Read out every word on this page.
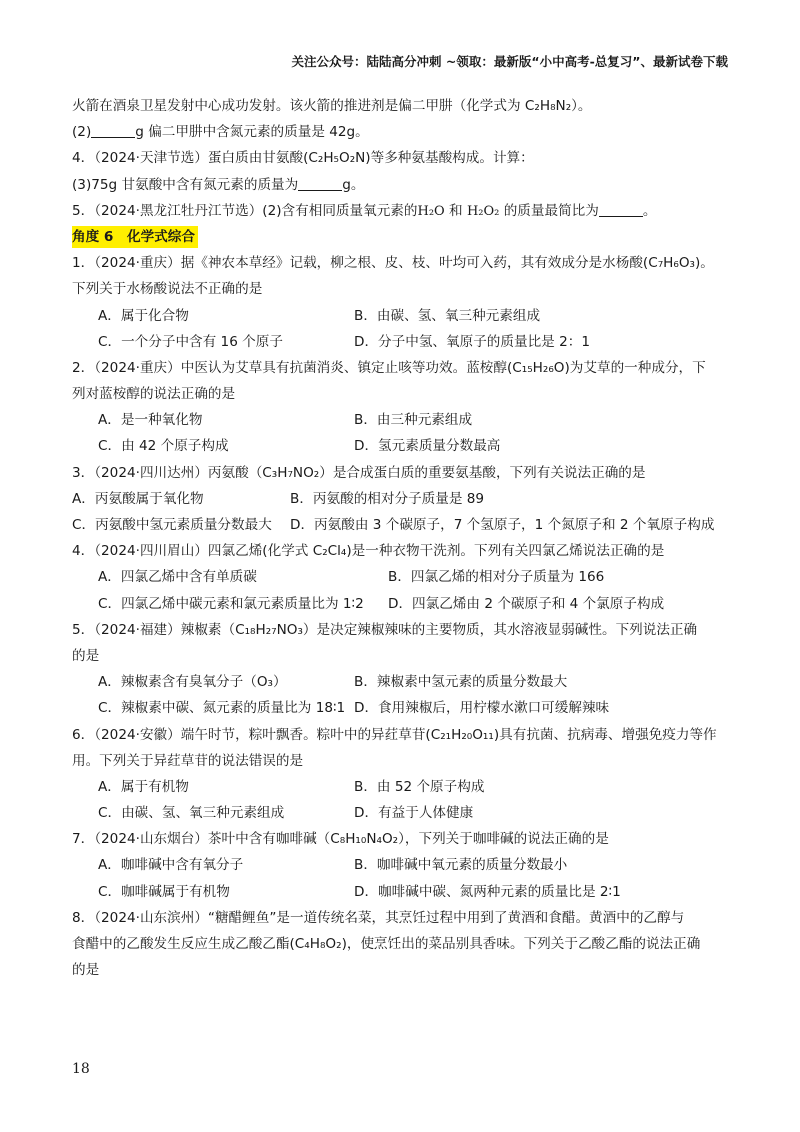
关注公众号：陆陆高分冲刺 ~领取：最新版“小中高考-总复习”、最新试卷下载
火箭在酒泉卫星发射中心成功发射。该火箭的推进剂是偏二甲肼（化学式为 C₂H₈N₂）。
(2)	g 偏二甲肼中含氮元素的质量是 42g。
4．（2024·天津节选）蛋白质由甘氨酸(C₂H₅O₂N)等多种氨基酸构成。计算：
(3)75g 甘氨酸中含有氮元素的质量为	g。
5．（2024·黑龙江牡丹江节选）(2)含有相同质量氧元素的H₂O 和 H₂O₂ 的质量最简比为	。
角度 6　化学式综合
1．（2024·重庆）据《神农本草经》记载，柳之根、皮、枝、叶均可入药，其有效成分是水杨酸(C₇H₆O₃)。
下列关于水杨酸说法不正确的是
A．属于化合物	B．由碳、氢、氧三种元素组成
C．一个分子中含有 16 个原子	D．分子中氢、氧原子的质量比是 2：1
2．（2024·重庆）中医认为艾草具有抗菌消炎、镇定止咳等功效。蓝桉醇(C₁₅H₂₆O)为艾草的一种成分，下
列对蓝桉醇的说法正确的是
A．是一种氧化物	B．由三种元素组成
C．由 42 个原子构成	D．氢元素质量分数最高
3．（2024·四川达州）丙氨酸（C₃H₇NO₂）是合成蛋白质的重要氨基酸，下列有关说法正确的是
A．丙氨酸属于氧化物	B．丙氨酸的相对分子质量是 89
C．丙氨酸中氢元素质量分数最大 D．丙氨酸由 3 个碳原子，7 个氢原子，1 个氮原子和 2 个氧原子构成
4．（2024·四川眉山）四氯乙烯(化学式 C₂Cl₄)是一种衣物干洗剂。下列有关四氯乙烯说法正确的是
A．四氯乙烯中含有单质碳	B．四氯乙烯的相对分子质量为 166
C．四氯乙烯中碳元素和氯元素质量比为 1∶2 D．四氯乙烯由 2 个碳原子和 4 个氯原子构成
5．（2024·福建）辣椒素（C₁₈H₂₇NO₃）是决定辣椒辣味的主要物质，其水溶液显弱碱性。下列说法正确
的是
A．辣椒素含有臭氧分子（O₃）	B．辣椒素中氢元素的质量分数最大
C．辣椒素中碳、氮元素的质量比为 18∶1 D．食用辣椒后，用柠檬水漱口可缓解辣味
6．（2024·安徽）端午时节，粽叶飘香。粽叶中的异荭草苷(C₂₁H₂₀O₁₁)具有抗菌、抗病毒、增强免疫力等作
用。下列关于异荭草苷的说法错误的是
A．属于有机物	B．由 52 个原子构成
C．由碳、氢、氧三种元素组成	D．有益于人体健康
7．（2024·山东烟台）茶叶中含有咖啡碱（C₈H₁₀N₄O₂），下列关于咖啡碱的说法正确的是
A．咖啡碱中含有氧分子	B．咖啡碱中氧元素的质量分数最小
C．咖啡碱属于有机物	D．咖啡碱中碳、氮两种元素的质量比是 2∶1
8．（2024·山东滨州）“糖醋鲤鱼”是一道传统名菜，其烹饪过程中用到了黄酒和食醋。黄酒中的乙醇与
食醋中的乙酸发生反应生成乙酸乙酯(C₄H₈O₂)，使烹饪出的菜品别具香味。下列关于乙酸乙酯的说法正确
的是
18
